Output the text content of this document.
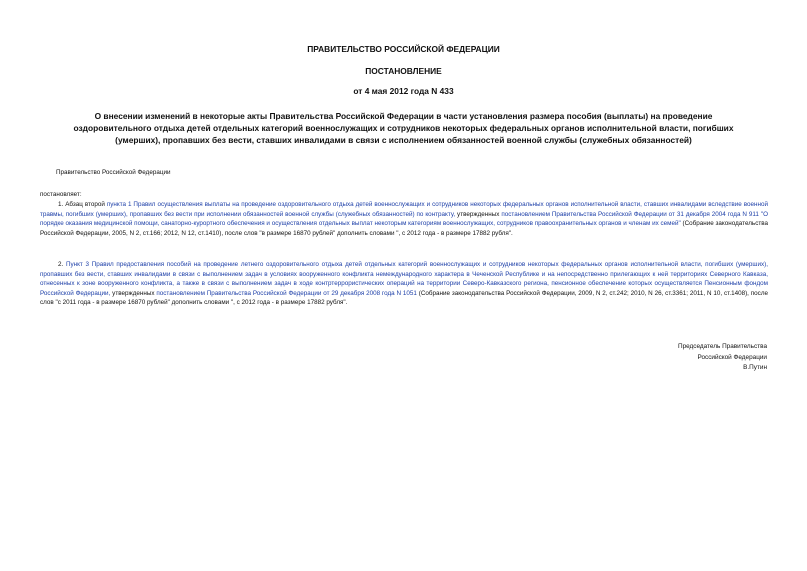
ПРАВИТЕЛЬСТВО РОССИЙСКОЙ ФЕДЕРАЦИИ
ПОСТАНОВЛЕНИЕ
от 4 мая 2012 года N 433
О внесении изменений в некоторые акты Правительства Российской Федерации в части установления размера пособия (выплаты) на проведение оздоровительного отдыха детей отдельных категорий военнослужащих и сотрудников некоторых федеральных органов исполнительной власти, погибших (умерших), пропавших без вести, ставших инвалидами в связи с исполнением обязанностей военной службы (служебных обязанностей)
Правительство Российской Федерации
постановляет:
1. Абзац второй пункта 1 Правил осуществления выплаты на проведение оздоровительного отдыха детей военнослужащих и сотрудников некоторых федеральных органов исполнительной власти, ставших инвалидами вследствие военной травмы, погибших (умерших), пропавших без вести при исполнении обязанностей военной службы (служебных обязанностей) по контракту, утвержденных постановлением Правительства Российской Федерации от 31 декабря 2004 года N 911 "О порядке оказания медицинской помощи, санаторно-курортного обеспечения и осуществления отдельных выплат некоторым категориям военнослужащих, сотрудников правоохранительных органов и членам их семей" (Собрание законодательства Российской Федерации, 2005, N 2, ст.166; 2012, N 12, ст.1410), после слов "в размере 16870 рублей" дополнить словами ", с 2012 года - в размере 17882 рубля".
2. Пункт 3 Правил предоставления пособий на проведение летнего оздоровительного отдыха детей отдельных категорий военнослужащих и сотрудников некоторых федеральных органов исполнительной власти, погибших (умерших), пропавших без вести, ставших инвалидами в связи с выполнением задач в условиях вооруженного конфликта немеждународного характера в Чеченской Республике и на непосредственно прилегающих к ней территориях Северного Кавказа, отнесенных к зоне вооруженного конфликта, а также в связи с выполнением задач в ходе контртеррористических операций на территории Северо-Кавказского региона, пенсионное обеспечение которых осуществляется Пенсионным фондом Российской Федерации, утвержденных постановлением Правительства Российской Федерации от 29 декабря 2008 года N 1051 (Собрание законодательства Российской Федерации, 2009, N 2, ст.242; 2010, N 26, ст.3361; 2011, N 10, ст.1408), после слов "с 2011 года - в размере 16870 рублей" дополнить словами ", с 2012 года - в размере 17882 рубля".
Председатель Правительства
Российской Федерации
В.Путин
